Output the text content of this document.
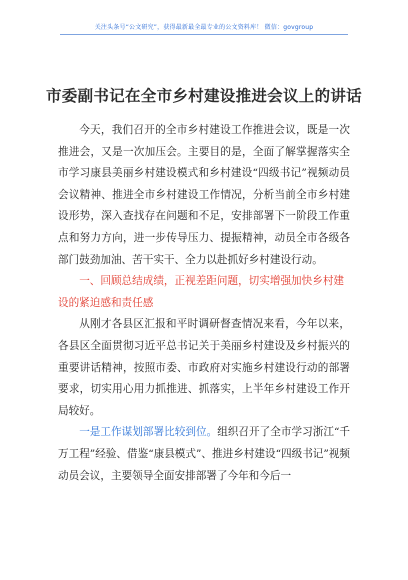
关注头条号“公文研究”，获得最新最全最专业的公文资料库！ 微信：govgroup
市委副书记在全市乡村建设推进会议上的讲话

今天，我们召开的全市乡村建设工作推进会议，既是一次推进会，又是一次加压会。主要目的是，全面了解掌握落实全市学习康县美丽乡村建设模式和乡村建设“四级书记”视频动员会议精神、推进全市乡村建设工作情况，分析当前全市乡村建设形势，深入查找存在问题和不足，安排部署下一阶段工作重点和努力方向，进一步传导压力、提振精神，动员全市各级各部门鼓劲加油、苦干实干、全力以赴抓好乡村建设行动。

一、回顾总结成绩，正视差距问题，切实增强加快乡村建设的紧迫感和责任感

从刚才各县区汇报和平时调研督查情况来看，今年以来，各县区全面贯彻习近平总书记关于美丽乡村建设及乡村振兴的重要讲话精神，按照市委、市政府对实施乡村建设行动的部署要求，切实用心用力抓推进、抓落实，上半年乡村建设工作开局较好。

一是工作谋划部署比较到位。组织召开了全市学习浙江“千万工程”经验、借鉴“康县模式”、推进乡村建设“四级书记”视频动员会议，主要领导全面安排部署了今年和今后一
